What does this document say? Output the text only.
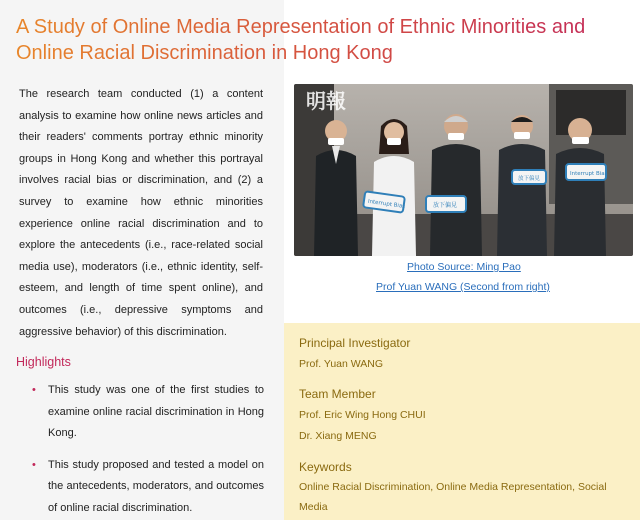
A Study of Online Media Representation of Ethnic Minorities and Online Racial Discrimination in Hong Kong

The research team conducted (1) a content analysis to examine how online news articles and their readers' comments portray ethnic minority groups in Hong Kong and whether this portrayal involves racial bias or discrimination, and (2) a survey to examine how ethnic minorities experience online racial discrimination and to explore the antecedents (i.e., race-related social media use), moderators (i.e., ethnic identity, self-esteem, and length of time spent online), and outcomes (i.e., depressive symptoms and aggressive behavior) of this discrimination.

Highlights
• This study was one of the first studies to examine online racial discrimination in Hong Kong.
• This study proposed and tested a model on the antecedents, moderators, and outcomes of online racial discrimination.
明報
Interrupt Bias	放下偏見
放下偏見
Interrupt Bias
Photo Source: Ming Pao
Prof Yuan WANG (Second from right)
Principal Investigator
Prof. Yuan WANG
Team Member
Prof. Eric Wing Hong CHUI
Dr. Xiang MENG
Keywords
Online Racial Discrimination, Online Media Representation, Social
Media
